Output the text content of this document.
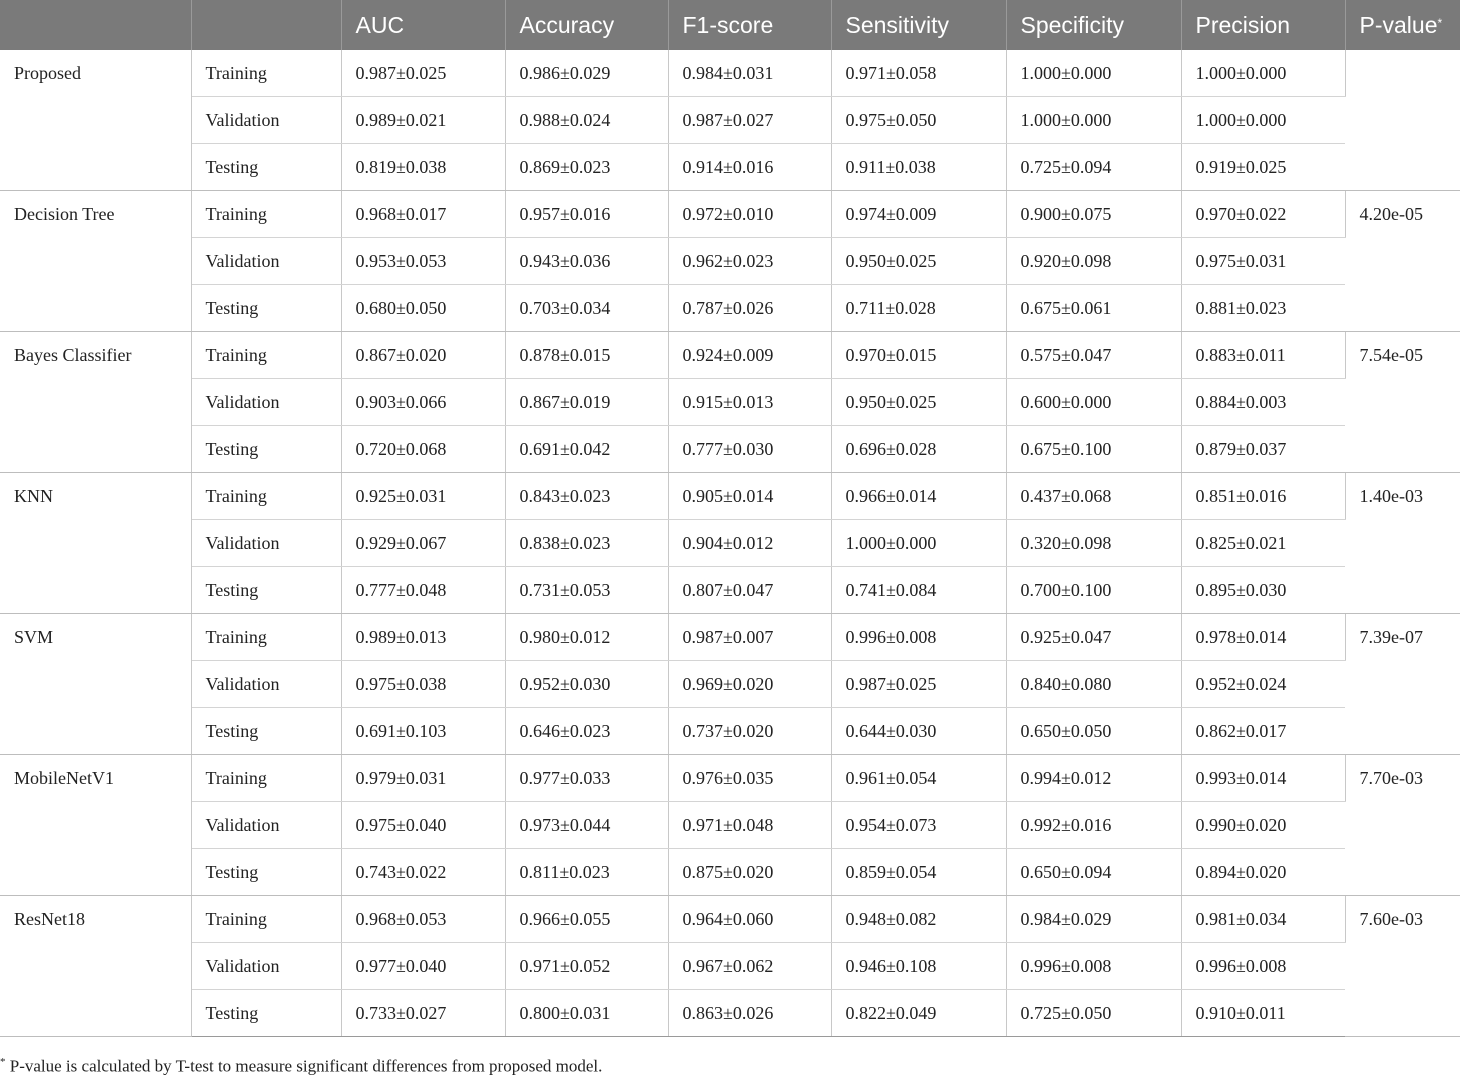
		AUC	Accuracy	F1-score	Sensitivity	Specificity	Precision	P-value*
Proposed	Training	0.987±0.025	0.986±0.029	0.984±0.031	0.971±0.058	1.000±0.000	1.000±0.000	
	Validation	0.989±0.021	0.988±0.024	0.987±0.027	0.975±0.050	1.000±0.000	1.000±0.000	
	Testing	0.819±0.038	0.869±0.023	0.914±0.016	0.911±0.038	0.725±0.094	0.919±0.025	
Decision Tree	Training	0.968±0.017	0.957±0.016	0.972±0.010	0.974±0.009	0.900±0.075	0.970±0.022	4.20e-05
	Validation	0.953±0.053	0.943±0.036	0.962±0.023	0.950±0.025	0.920±0.098	0.975±0.031	
	Testing	0.680±0.050	0.703±0.034	0.787±0.026	0.711±0.028	0.675±0.061	0.881±0.023	
Bayes Classifier	Training	0.867±0.020	0.878±0.015	0.924±0.009	0.970±0.015	0.575±0.047	0.883±0.011	7.54e-05
	Validation	0.903±0.066	0.867±0.019	0.915±0.013	0.950±0.025	0.600±0.000	0.884±0.003	
	Testing	0.720±0.068	0.691±0.042	0.777±0.030	0.696±0.028	0.675±0.100	0.879±0.037	
KNN	Training	0.925±0.031	0.843±0.023	0.905±0.014	0.966±0.014	0.437±0.068	0.851±0.016	1.40e-03
	Validation	0.929±0.067	0.838±0.023	0.904±0.012	1.000±0.000	0.320±0.098	0.825±0.021	
	Testing	0.777±0.048	0.731±0.053	0.807±0.047	0.741±0.084	0.700±0.100	0.895±0.030	
SVM	Training	0.989±0.013	0.980±0.012	0.987±0.007	0.996±0.008	0.925±0.047	0.978±0.014	7.39e-07
	Validation	0.975±0.038	0.952±0.030	0.969±0.020	0.987±0.025	0.840±0.080	0.952±0.024	
	Testing	0.691±0.103	0.646±0.023	0.737±0.020	0.644±0.030	0.650±0.050	0.862±0.017	
MobileNetV1	Training	0.979±0.031	0.977±0.033	0.976±0.035	0.961±0.054	0.994±0.012	0.993±0.014	7.70e-03
	Validation	0.975±0.040	0.973±0.044	0.971±0.048	0.954±0.073	0.992±0.016	0.990±0.020	
	Testing	0.743±0.022	0.811±0.023	0.875±0.020	0.859±0.054	0.650±0.094	0.894±0.020	
ResNet18	Training	0.968±0.053	0.966±0.055	0.964±0.060	0.948±0.082	0.984±0.029	0.981±0.034	7.60e-03
	Validation	0.977±0.040	0.971±0.052	0.967±0.062	0.946±0.108	0.996±0.008	0.996±0.008	
	Testing	0.733±0.027	0.800±0.031	0.863±0.026	0.822±0.049	0.725±0.050	0.910±0.011	
* P-value is calculated by T-test to measure significant differences from proposed model.
